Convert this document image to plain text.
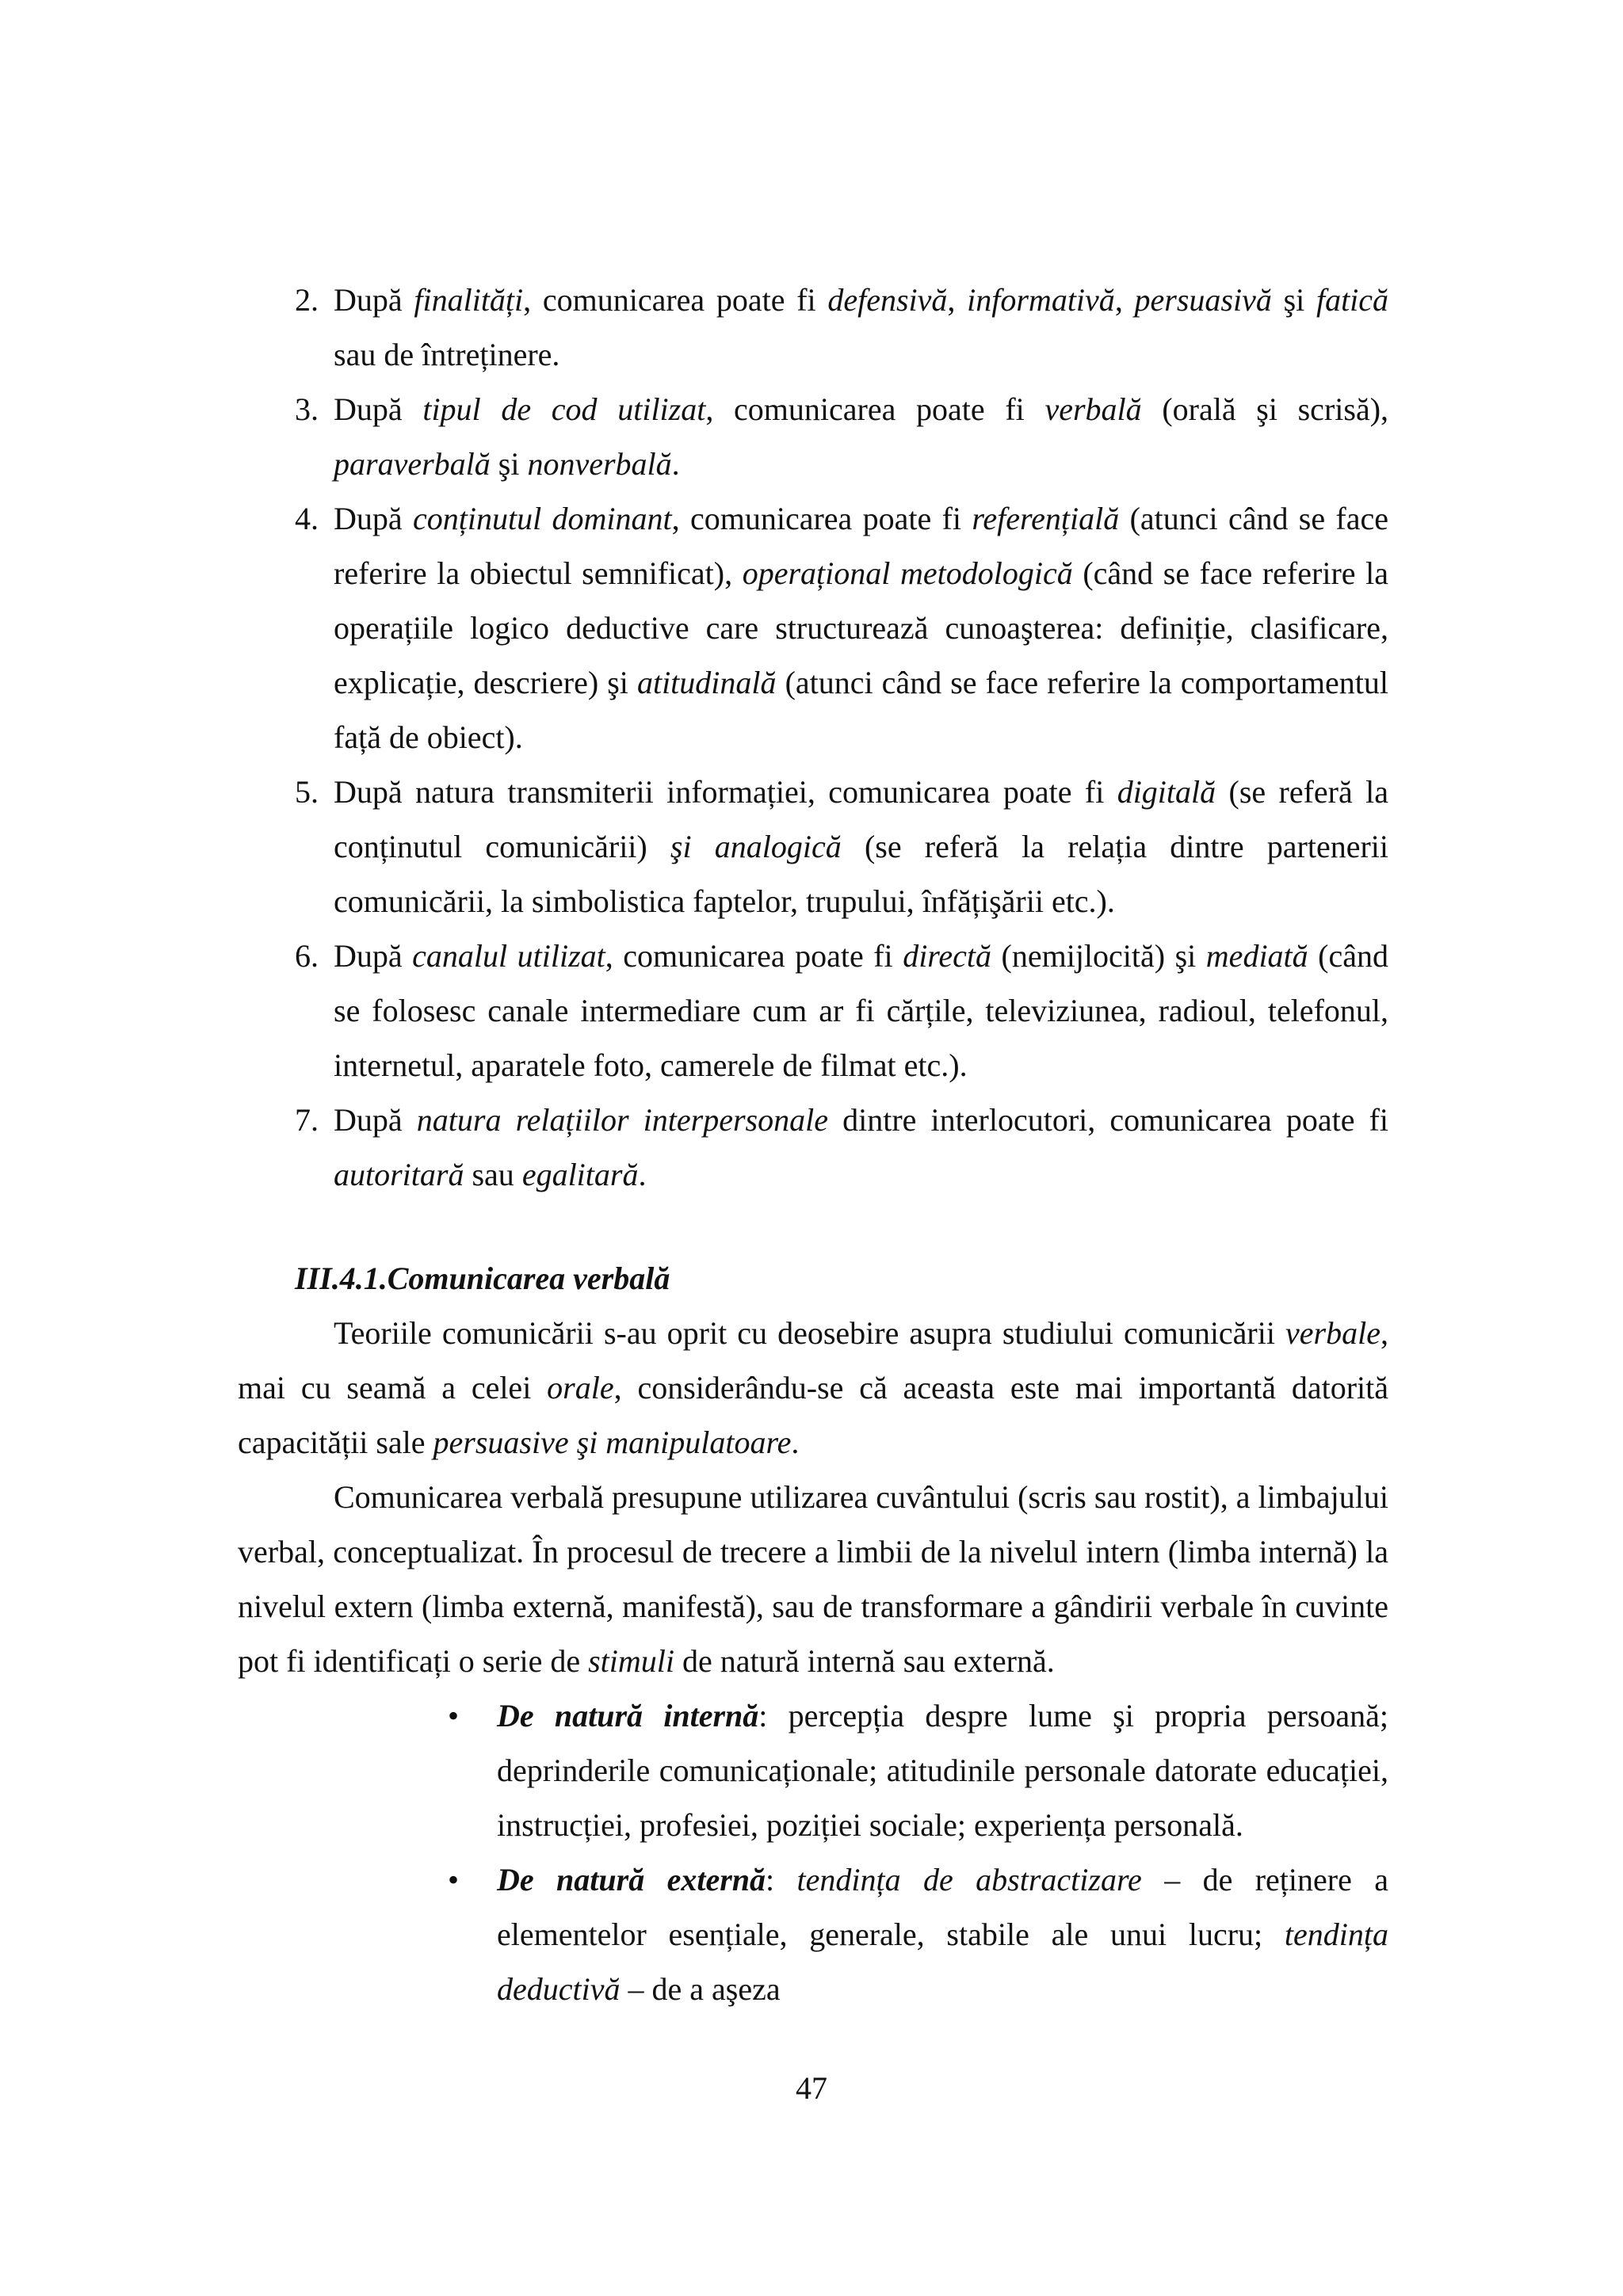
2. După finalități, comunicarea poate fi defensivă, informativă, persuasivă şi fatică sau de întreținere.
3. După tipul de cod utilizat, comunicarea poate fi verbală (orală şi scrisă), paraverbală şi nonverbală.
4. După conținutul dominant, comunicarea poate fi referențială (atunci când se face referire la obiectul semnificat), operațional metodologică (când se face referire la operațiile logico deductive care structurează cunoaşterea: definiție, clasificare, explicație, descriere) şi atitudinală (atunci când se face referire la comportamentul față de obiect).
5. După natura transmiterii informației, comunicarea poate fi digitală (se referă la conținutul comunicării) şi analogică (se referă la relația dintre partenerii comunicării, la simbolistica faptelor, trupului, înfățişării etc.).
6. După canalul utilizat, comunicarea poate fi directă (nemijlocită) şi mediată (când se folosesc canale intermediare cum ar fi cărțile, televiziunea, radioul, telefonul, internetul, aparatele foto, camerele de filmat etc.).
7. După natura relațiilor interpersonale dintre interlocutori, comunicarea poate fi autoritară sau egalitară.
III.4.1.Comunicarea verbală
Teoriile comunicării s-au oprit cu deosebire asupra studiului comunicării verbale, mai cu seamă a celei orale, considerându-se că aceasta este mai importantă datorită capacității sale persuasive şi manipulatoare.
Comunicarea verbală presupune utilizarea cuvântului (scris sau rostit), a limbajului verbal, conceptualizat. În procesul de trecere a limbii de la nivelul intern (limba internă) la nivelul extern (limba externă, manifestă), sau de transformare a gândirii verbale în cuvinte pot fi identificați o serie de stimuli de natură internă sau externă.
• De natură internă: percepția despre lume şi propria persoană; deprinderile comunicaționale; atitudinile personale datorate educației, instrucției, profesiei, poziției sociale; experiența personală.
• De natură externă: tendința de abstractizare – de reținere a elementelor esențiale, generale, stabile ale unui lucru; tendința deductivă – de a aşeza
47
